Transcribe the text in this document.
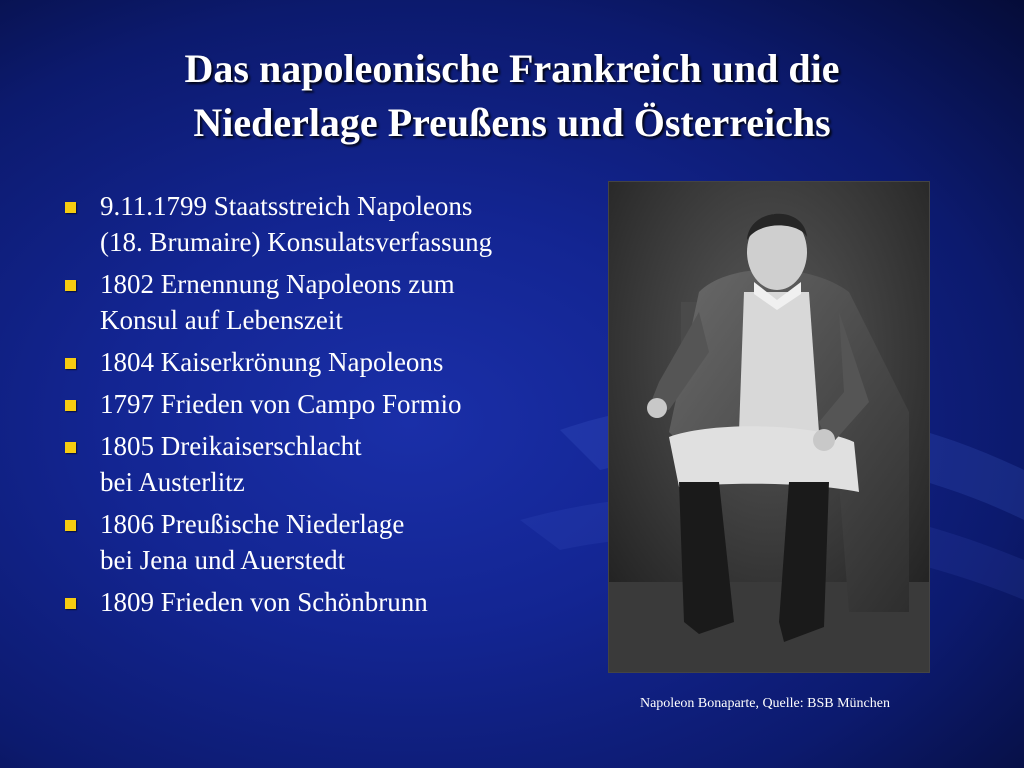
Das napoleonische Frankreich und die
Niederlage Preußens und Österreichs
9.11.1799 Staatsstreich Napoleons
(18. Brumaire) Konsulatsverfassung
1802 Ernennung Napoleons zum
Konsul auf Lebenszeit
1804 Kaiserkrönung Napoleons
1797 Frieden von Campo Formio
1805 Dreikaiserschlacht
bei Austerlitz
1806 Preußische Niederlage
bei Jena und Auerstedt
1809 Frieden von Schönbrunn
Napoleon Bonaparte, Quelle: BSB München
